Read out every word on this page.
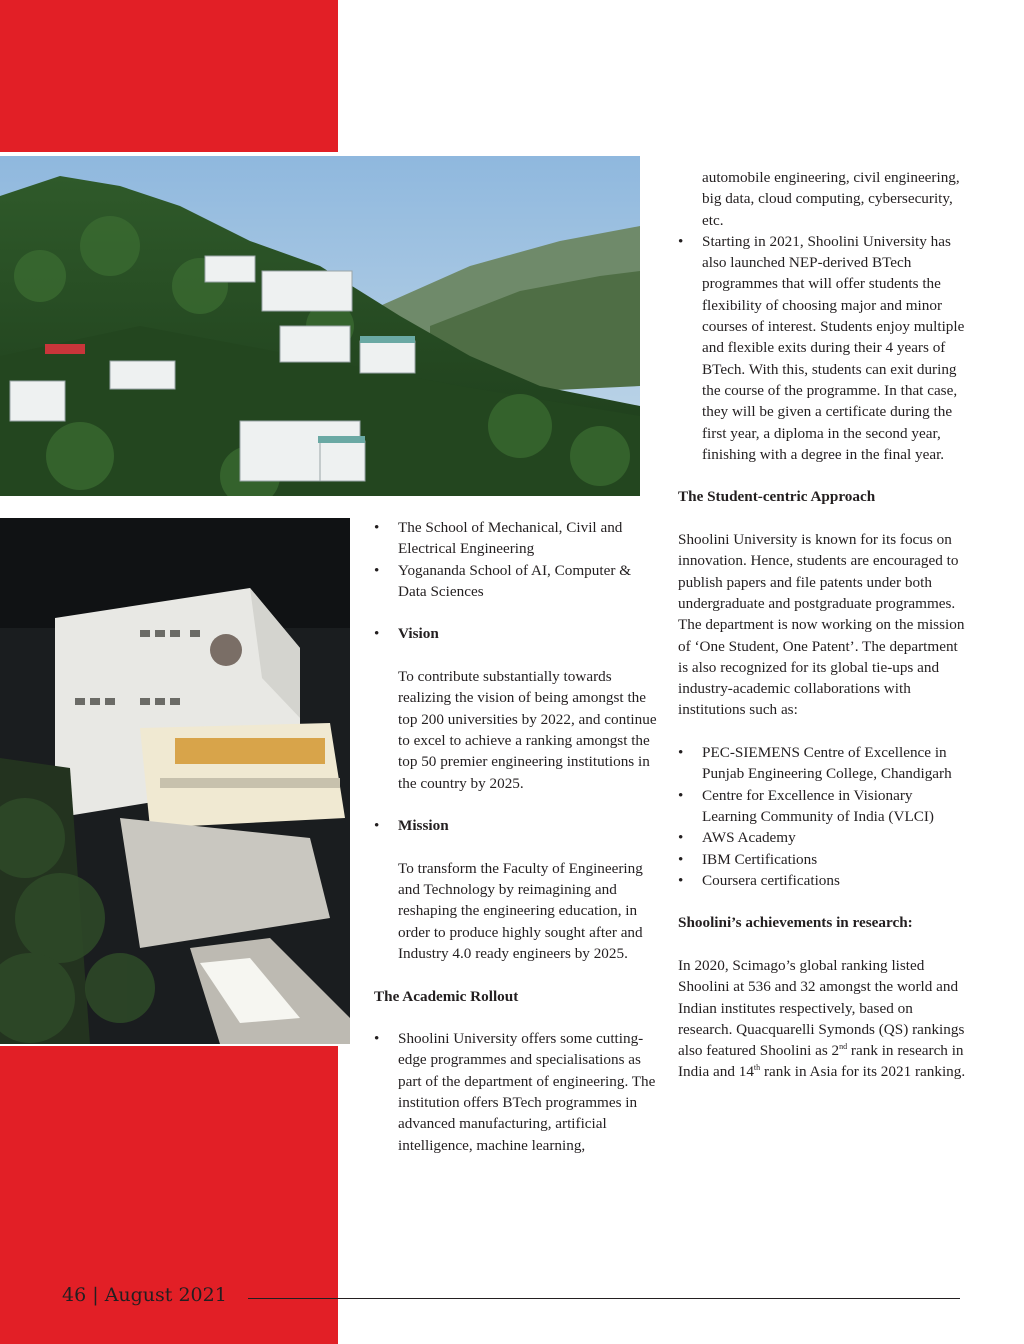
• The School of Mechanical, Civil and Electrical Engineering

• Yogananda School of AI, Computer & Data Sciences

• Vision

To contribute substantially towards realizing the vision of being amongst the top 200 universities by 2022, and continue to excel to achieve a ranking amongst the top 50 premier engineering institutions in the country by 2025.

• Mission

To transform the Faculty of Engineering and Technology by reimagining and reshaping the engineering education, in order to produce highly sought after and Industry 4.0 ready engineers by 2025.

The Academic Rollout

• Shoolini University offers some cutting-edge programmes and specialisations as part of the department of engineering. The institution offers BTech programmes in advanced manufacturing, artificial intelligence, machine learning,

automobile engineering, civil engineering, big data, cloud computing, cybersecurity, etc.

• Starting in 2021, Shoolini University has also launched NEP-derived BTech programmes that will offer students the flexibility of choosing major and minor courses of interest. Students enjoy multiple and flexible exits during their 4 years of BTech. With this, students can exit during the course of the programme. In that case, they will be given a certificate during the first year, a diploma in the second year, finishing with a degree in the final year.

The Student-centric Approach

Shoolini University is known for its focus on innovation. Hence, students are encouraged to publish papers and file patents under both undergraduate and postgraduate programmes. The department is now working on the mission of ‘One Student, One Patent’. The department is also recognized for its global tie-ups and industry-academic collaborations with institutions such as:

• PEC-SIEMENS Centre of Excellence in Punjab Engineering College, Chandigarh

• Centre for Excellence in Visionary Learning Community of India (VLCI)

• AWS Academy

• IBM Certifications

• Coursera certifications

Shoolini’s achievements in research:

In 2020, Scimago’s global ranking listed Shoolini at 536 and 32 amongst the world and Indian institutes respectively, based on research. Quacquarelli Symonds (QS) rankings also featured Shoolini as 2nd rank in research in India and 14th rank in Asia for its 2021 ranking.

46 | August 2021
